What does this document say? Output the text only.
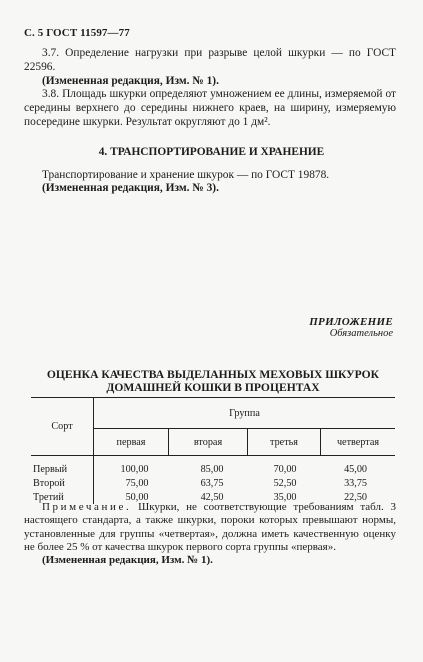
С. 5 ГОСТ 11597—77

3.7. Определение нагрузки при разрыве целой шкурки — по ГОСТ 22596.

(Измененная редакция, Изм. № 1).

3.8. Площадь шкурки определяют умножением ее длины, измеряемой от середины верхнего до середины нижнего краев, на ширину, измеряемую посередине шкурки. Результат округляют до 1 дм².

4. ТРАНСПОРТИРОВАНИЕ И ХРАНЕНИЕ

Транспортирование и хранение шкурок — по ГОСТ 19878.

(Измененная редакция, Изм. № 3).

ПРИЛОЖЕНИЕ
Обязательное
ОЦЕНКА КАЧЕСТВА ВЫДЕЛАННЫХ МЕХОВЫХ ШКУРОК
ДОМАШНЕЙ КОШКИ В ПРОЦЕНТАХ
Сорт	Группа			
	первая	вторая	третья	четвертая
Первый	100,00	85,00	70,00	45,00
Второй	75,00	63,75	52,50	33,75
Третий	50,00	42,50	35,00	22,50

Примечание. Шкурки, не соответствующие требованиям табл. 3 настоящего стандарта, а также шкурки, пороки которых превышают нормы, установленные для группы «четвертая», должна иметь качественную оценку не более 25 % от качества шкурок первого сорта группы «первая».

(Измененная редакция, Изм. № 1).
